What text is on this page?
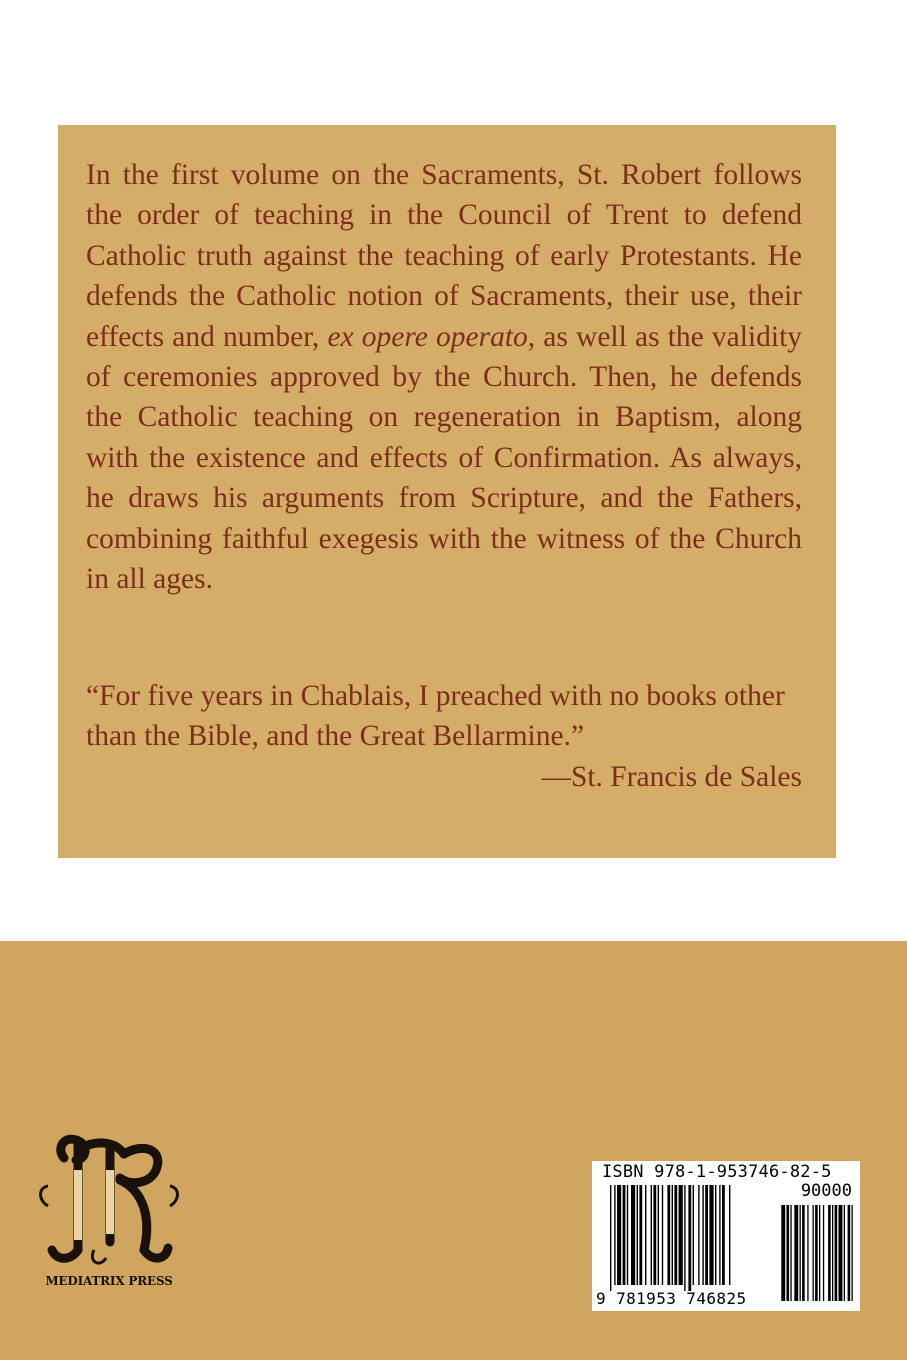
In the first volume on the Sacraments, St. Robert follows the order of teaching in the Council of Trent to defend Catholic truth against the teaching of early Protestants. He defends the Catholic notion of Sacraments, their use, their effects and number, ex opere operato, as well as the validity of ceremonies approved by the Church. Then, he defends the Catholic teaching on regeneration in Baptism, along with the existence and effects of Confirmation. As always, he draws his arguments from Scripture, and the Fathers, combining faithful exegesis with the witness of the Church in all ages.

“For five years in Chablais, I preached with no books other than the Bible, and the Great Bellarmine.”
—St. Francis de Sales
MEDIATRIX PRESS
ISBN 978-1-953746-82-5
90000
9 781953 746825
